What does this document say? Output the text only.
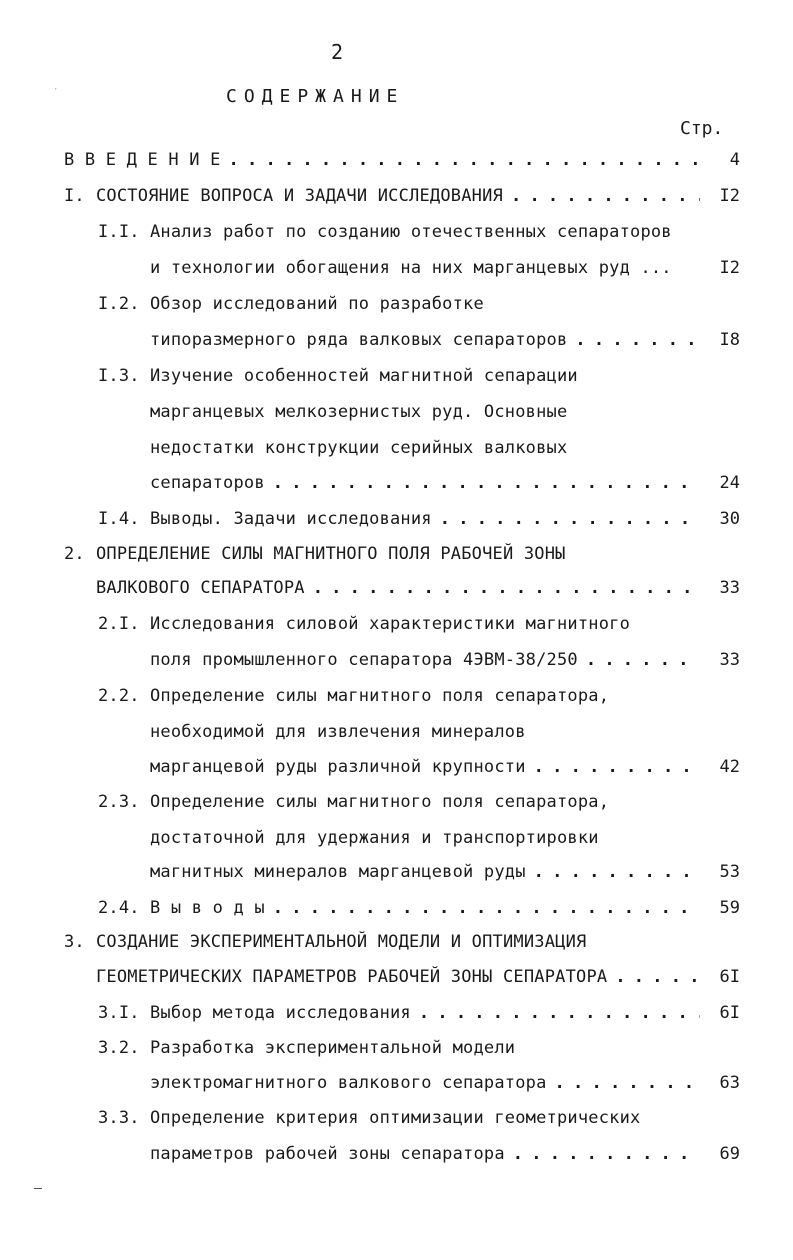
2
СОДЕРЖАНИЕ
Стр.
ˊ
В В Е Д Е Н И Е . . .	4
I. СОСТОЯНИЕ ВОПРОСА И ЗАДАЧИ ИССЛЕДОВАНИЯ . . .	I2
I.I. Анализ работ по созданию отечественных сепараторов
и технологии обогащения на них марганцевых руд ...	I2
I.2. Обзор исследований по разработке
типоразмерного ряда валковых сепараторов . . .	I8
I.3. Изучение особенностей магнитной сепарации
марганцевых мелкозернистых руд. Основные
недостатки конструкции серийных валковых
сепараторов . . .	24
I.4. Выводы. Задачи исследования . . .	30
2. ОПРЕДЕЛЕНИЕ СИЛЫ МАГНИТНОГО ПОЛЯ РАБОЧЕЙ ЗОНЫ
ВАЛКОВОГО СЕПАРАТОРА . . .	33
2.I. Исследования силовой характеристики магнитного
поля промышленного сепаратора 4ЭВМ-38/250 . . .	33
2.2. Определение силы магнитного поля сепаратора,
необходимой для извлечения минералов
марганцевой руды различной крупности . . .	42
2.3. Определение силы магнитного поля сепаратора,
достаточной для удержания и транспортировки
магнитных минералов марганцевой руды . . .	53
2.4. В ы в о д ы . . .	59
3. СОЗДАНИЕ ЭКСПЕРИМЕНТАЛЬНОЙ МОДЕЛИ И ОПТИМИЗАЦИЯ
ГЕОМЕТРИЧЕСКИХ ПАРАМЕТРОВ РАБОЧЕЙ ЗОНЫ СЕПАРАТОРА . . .	6I
3.I. Выбор метода исследования . . .	6I
3.2. Разработка экспериментальной модели
электромагнитного валкового сепаратора . . .	63
3.3. Определение критерия оптимизации геометрических
параметров рабочей зоны сепаратора . . .	69
